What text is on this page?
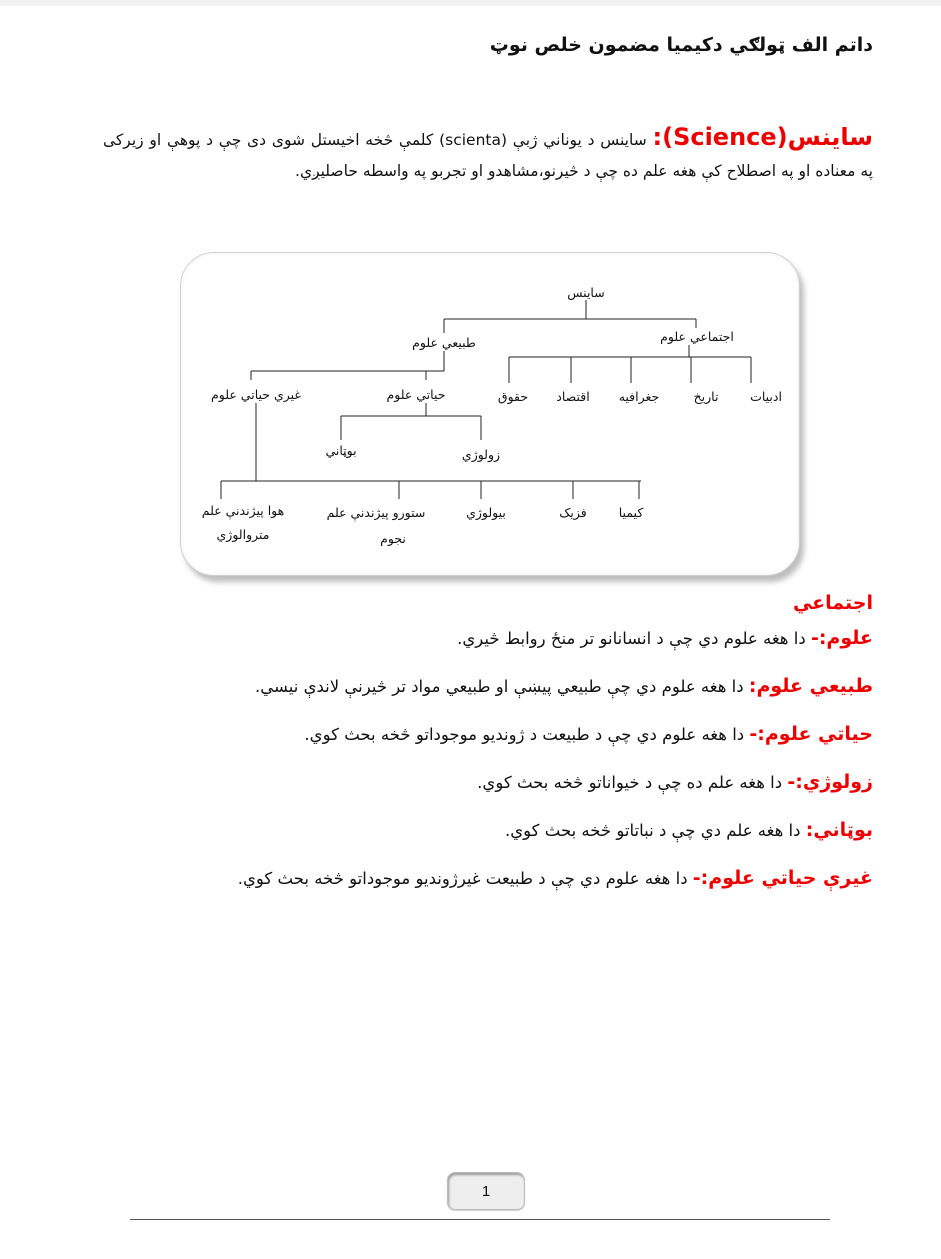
داتم الف ټولګي دکیمیا مضمون خلص نوټ
ساینس(Science): ساینس د یوناني ژبې (scienta) کلمې څخه اخیستل شوی دی چې د پوهې او زیرکی په معناده او په اصطلاح کې هغه علم ده چې د څیرنو،مشاهدو او تجربو په واسطه حاصلیږي.
ساینس
اجتماعي علوم
طبیعي علوم
ادبیات
تاریخ
جغرافیه
اقتصاد
حقوق
غیري حیاتي علوم	حیاتي علوم
زولوژي
بوټاني
کیمیا
فزیک
بیولوژي
ستورو پیژندنې علم
نجوم
هوا پیژندنې علم
متروالوژي
اجتماعي
علوم:- دا هغه علوم دي چې د انسانانو تر منځ روابط څیري.
طبیعي علوم: دا هغه علوم دي چې طبیعي پیښې او طبیعي مواد تر څیرنې لاندې نیسي.
حیاتي علوم:- دا هغه علوم دي چې د طبیعت د ژوندیو موجوداتو څخه بحث کوي.
زولوژي:- دا هغه علم ده چې د خیواناتو څخه بحث کوي.
بوټاني: دا هغه علم دي چې د نباتاتو څخه بحث کوي.
غیرې حیاتي علوم:- دا هغه علوم دي چې د طبیعت غیرژوندیو موجوداتو څخه بحث کوي.
1
